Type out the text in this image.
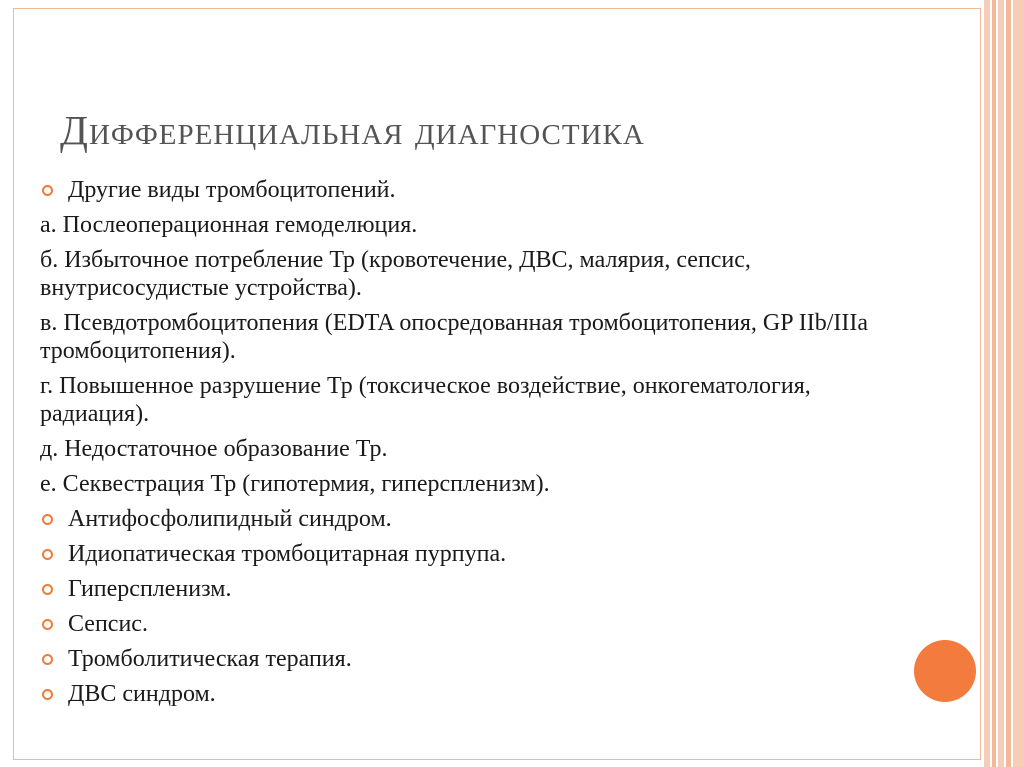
Дифференциальная диагностика
Другие виды тромбоцитопений.
а. Послеоперационная гемоделюция.
б. Избыточное потребление Тр (кровотечение, ДВС, малярия, сепсис, внутрисосудистые устройства).
в. Псевдотромбоцитопения (EDTA опосредованная тромбоцитопения, GP IIb/IIIa тромбоцитопения).
г. Повышенное разрушение Тр (токсическое воздействие, онкогематология, радиация).
д. Недостаточное образование Тр.
е. Секвестрация Тр (гипотермия, гиперспленизм).
Антифосфолипидный синдром.
Идиопатическая тромбоцитарная пурпупа.
Гиперспленизм.
Сепсис.
Тромболитическая терапия.
ДВС синдром.
